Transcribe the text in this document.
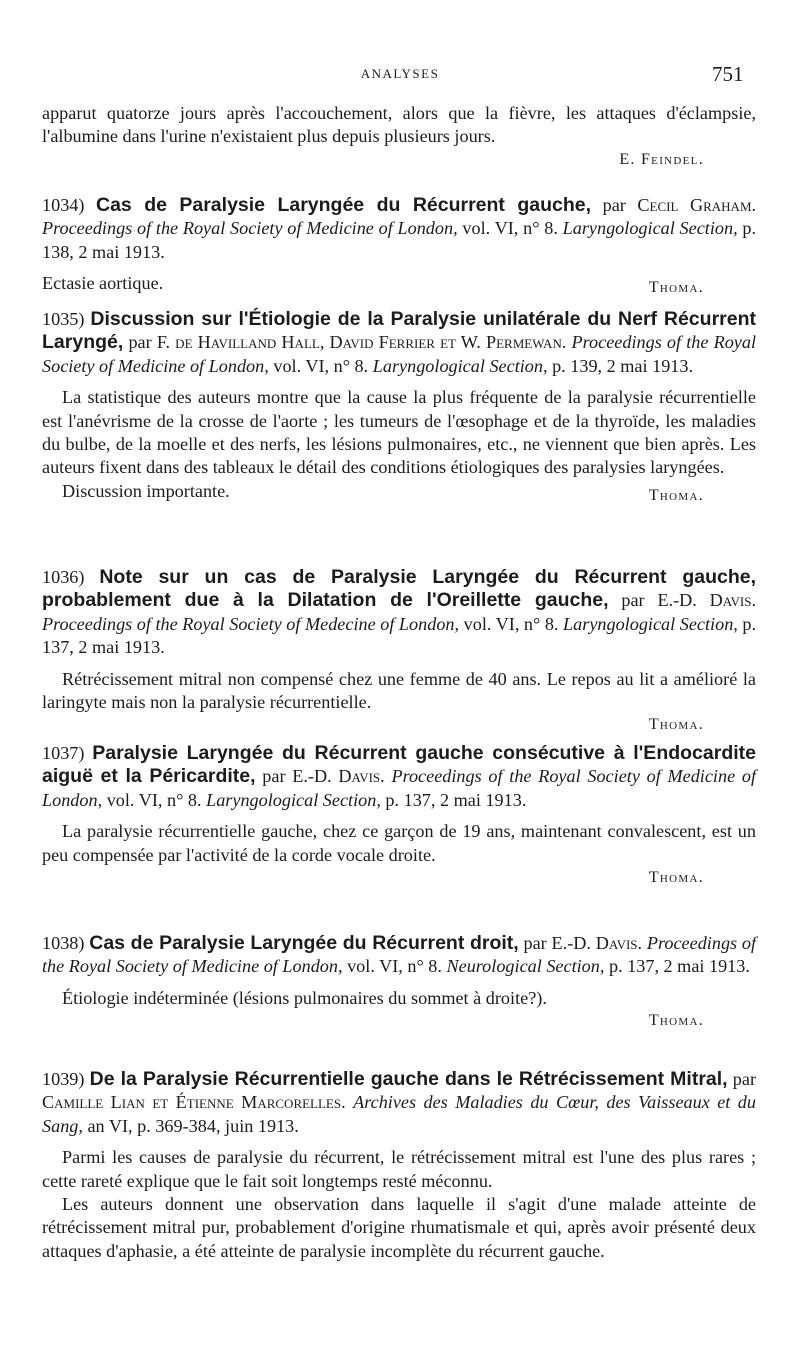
ANALYSES	751

apparut quatorze jours après l'accouchement, alors que la fièvre, les attaques d'éclampsie, l'albumine dans l'urine n'existaient plus depuis plusieurs jours.

E. Feindel.

1034) Cas de Paralysie Laryngée du Récurrent gauche, par Cecil Graham. Proceedings of the Royal Society of Medicine of London, vol. VI, n° 8. Laryngological Section, p. 138, 2 mai 1913.

Ectasie aortique.	Thoma.

1035) Discussion sur l'Étiologie de la Paralysie unilatérale du Nerf Récurrent Laryngé, par F. de Havilland Hall, David Ferrier et W. Permewan. Proceedings of the Royal Society of Medicine of London, vol. VI, n° 8. Laryngological Section, p. 139, 2 mai 1913.

La statistique des auteurs montre que la cause la plus fréquente de la paralysie récurrentielle est l'anévrisme de la crosse de l'aorte ; les tumeurs de l'œsophage et de la thyroïde, les maladies du bulbe, de la moelle et des nerfs, les lésions pulmonaires, etc., ne viennent que bien après. Les auteurs fixent dans des tableaux le détail des conditions étiologiques des paralysies laryngées.

Discussion importante.	Thoma.

1036) Note sur un cas de Paralysie Laryngée du Récurrent gauche, probablement due à la Dilatation de l'Oreillette gauche, par E.-D. Davis. Proceedings of the Royal Society of Medecine of London, vol. VI, n° 8. Laryngological Section, p. 137, 2 mai 1913.

Rétrécissement mitral non compensé chez une femme de 40 ans. Le repos au lit a amélioré la laringyte mais non la paralysie récurrentielle.

Thoma.

1037) Paralysie Laryngée du Récurrent gauche consécutive à l'Endocardite aiguë et la Péricardite, par E.-D. Davis. Proceedings of the Royal Society of Medicine of London, vol. VI, n° 8. Laryngological Section, p. 137, 2 mai 1913.

La paralysie récurrentielle gauche, chez ce garçon de 19 ans, maintenant convalescent, est un peu compensée par l'activité de la corde vocale droite.

Thoma.

1038) Cas de Paralysie Laryngée du Récurrent droit, par E.-D. Davis. Proceedings of the Royal Society of Medicine of London, vol. VI, n° 8. Neurological Section, p. 137, 2 mai 1913.

Étiologie indéterminée (lésions pulmonaires du sommet à droite?).

Thoma.

1039) De la Paralysie Récurrentielle gauche dans le Rétrécissement Mitral, par Camille Lian et Étienne Marcorelles. Archives des Maladies du Cœur, des Vaisseaux et du Sang, an VI, p. 369-384, juin 1913.

Parmi les causes de paralysie du récurrent, le rétrécissement mitral est l'une des plus rares ; cette rareté explique que le fait soit longtemps resté méconnu.

Les auteurs donnent une observation dans laquelle il s'agit d'une malade atteinte de rétrécissement mitral pur, probablement d'origine rhumatismale et qui, après avoir présenté deux attaques d'aphasie, a été atteinte de paralysie incomplète du récurrent gauche.
